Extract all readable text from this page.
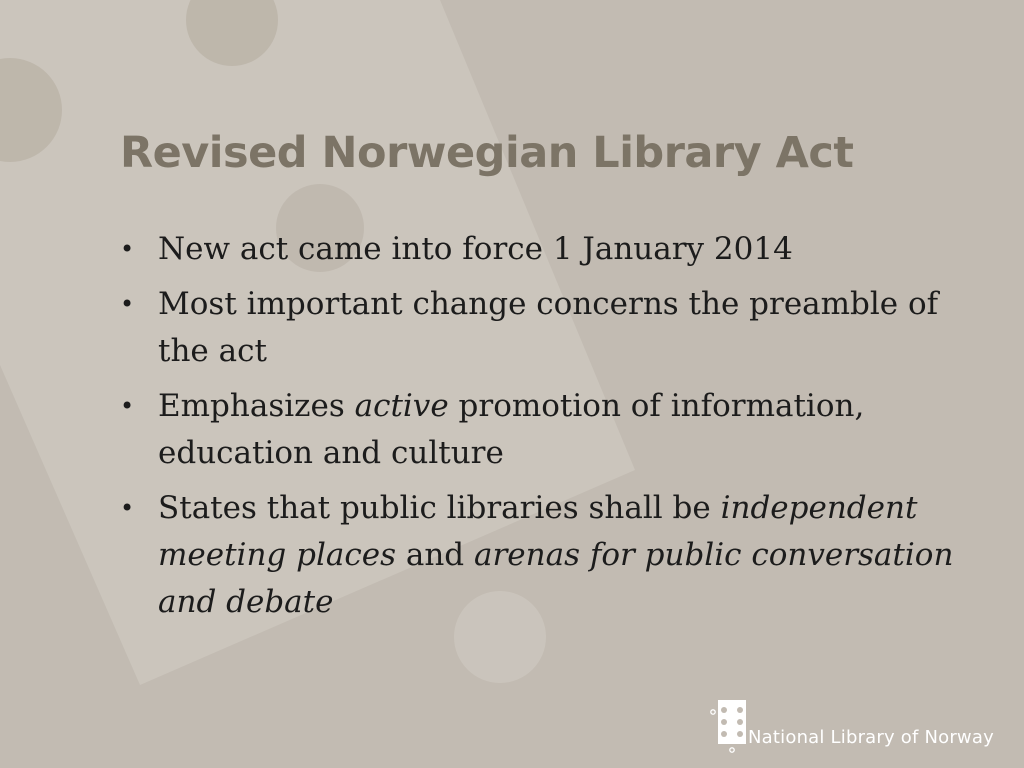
Revised Norwegian Library Act
• New act came into force 1 January 2014
• Most important change concerns the preamble of the act
• Emphasizes active promotion of information, education and culture
• States that public libraries shall be independent meeting places and arenas for public conversation and debate
National Library of Norway
